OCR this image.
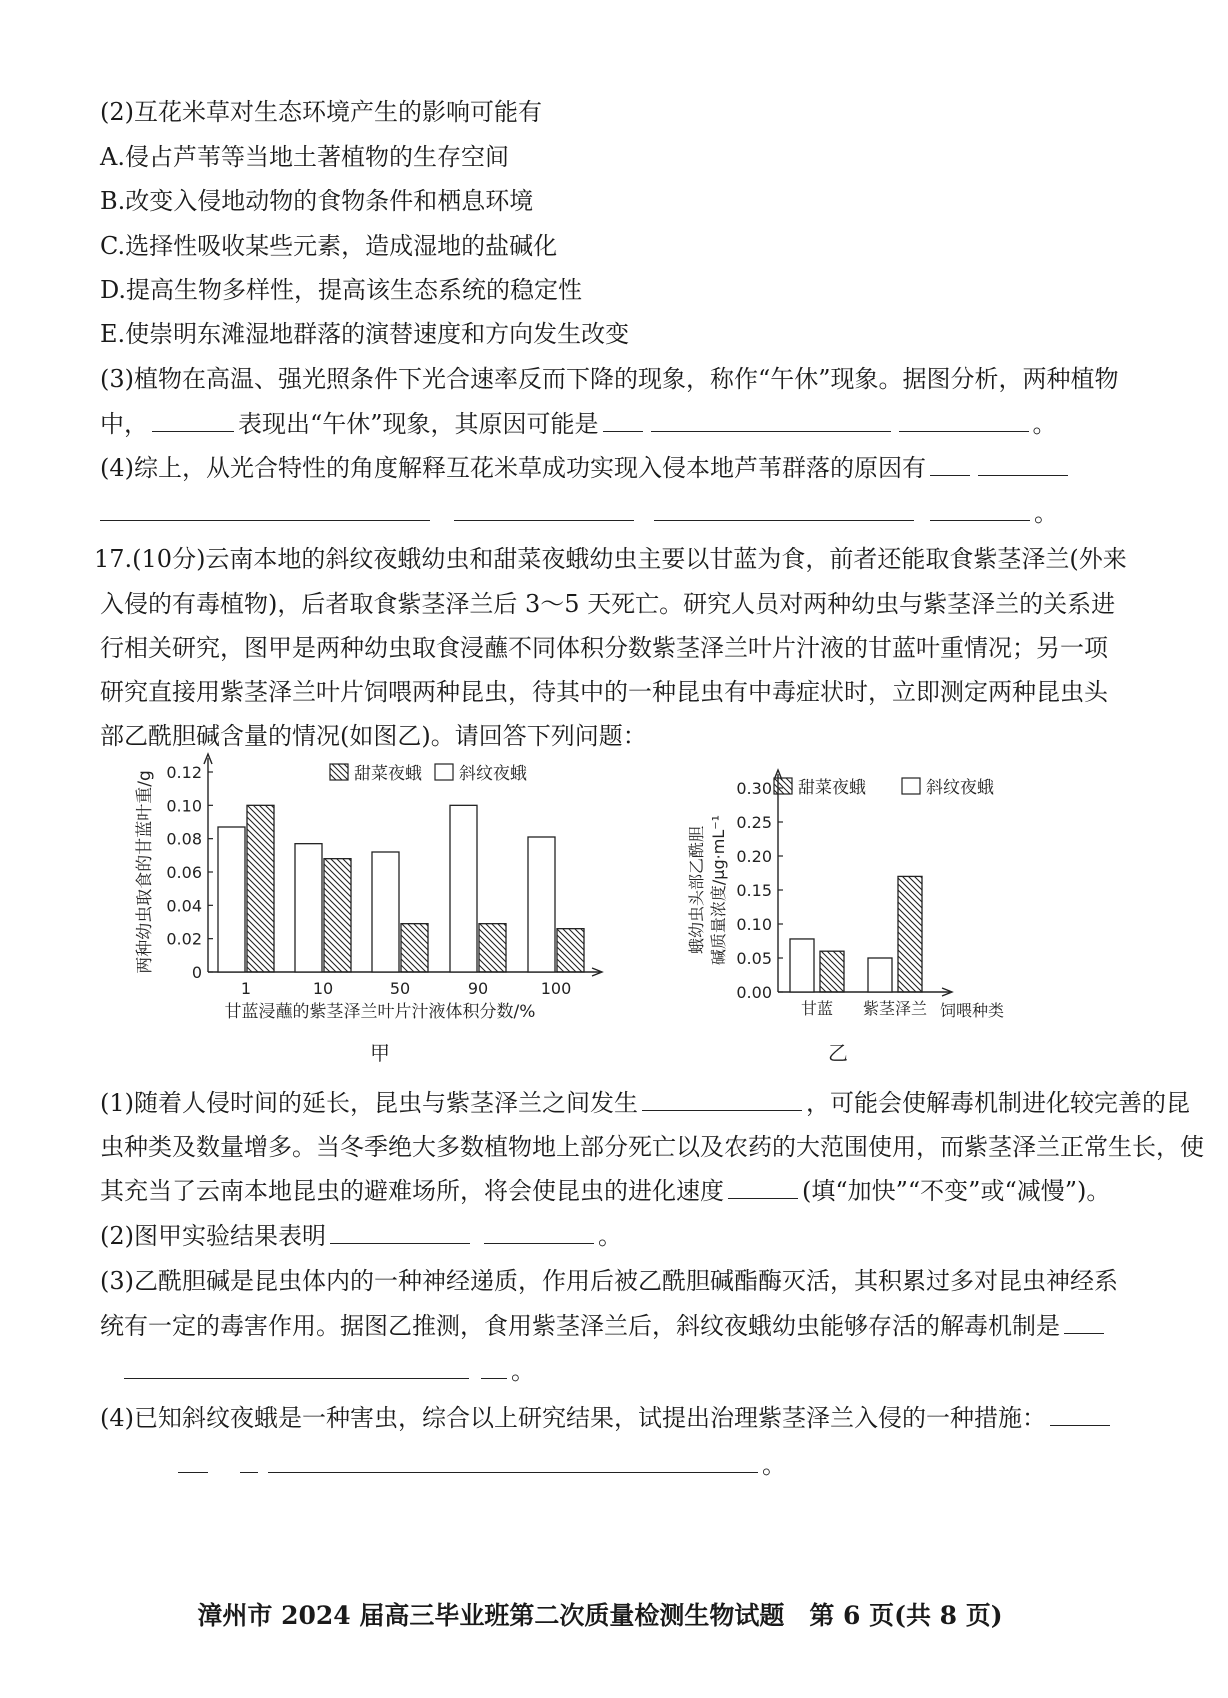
(2)互花米草对生态环境产生的影响可能有
A.侵占芦苇等当地土著植物的生存空间
B.改变入侵地动物的食物条件和栖息环境
C.选择性吸收某些元素，造成湿地的盐碱化
D.提高生物多样性，提高该生态系统的稳定性
E.使崇明东滩湿地群落的演替速度和方向发生改变
(3)植物在高温、强光照条件下光合速率反而下降的现象，称作“午休”现象。据图分析，两种植物
中，	表现出“午休”现象，其原因可能是	。
(4)综上，从光合特性的角度解释互花米草成功实现入侵本地芦苇群落的原因有
。
17.(10分)云南本地的斜纹夜蛾幼虫和甜菜夜蛾幼虫主要以甘蓝为食，前者还能取食紫茎泽兰(外来
入侵的有毒植物)，后者取食紫茎泽兰后 3～5 天死亡。研究人员对两种幼虫与紫茎泽兰的关系进
行相关研究，图甲是两种幼虫取食浸蘸不同体积分数紫茎泽兰叶片汁液的甘蓝叶重情况；另一项
研究直接用紫茎泽兰叶片饲喂两种昆虫，待其中的一种昆虫有中毒症状时，立即测定两种昆虫头
部乙酰胆碱含量的情况(如图乙)。请回答下列问题：
0
0.02
0.04
0.06
0.08
0.10
0.12
1	10	50	90	100
甜菜夜蛾 斜纹夜蛾
两种幼虫取食的甘蓝叶重/g
甘蓝浸蘸的紫茎泽兰叶片汁液体积分数/%
甲
0.00
0.05
0.10
0.15
0.20
0.25
0.30
甘蓝 紫茎泽兰
甜菜夜蛾	斜纹夜蛾
蛾幼虫头部乙酰胆 碱质量浓度/μg·mL⁻¹
饲喂种类
乙
(1)随着人侵时间的延长，昆虫与紫茎泽兰之间发生	，可能会使解毒机制进化较完善的昆
虫种类及数量增多。当冬季绝大多数植物地上部分死亡以及农药的大范围使用，而紫茎泽兰正常生长，使
其充当了云南本地昆虫的避难场所，将会使昆虫的进化速度	(填“加快”“不变”或“减慢”)。
(2)图甲实验结果表明	。
(3)乙酰胆碱是昆虫体内的一种神经递质，作用后被乙酰胆碱酯酶灭活，其积累过多对昆虫神经系
统有一定的毒害作用。据图乙推测，食用紫茎泽兰后，斜纹夜蛾幼虫能够存活的解毒机制是
。
(4)已知斜纹夜蛾是一种害虫，综合以上研究结果，试提出治理紫茎泽兰入侵的一种措施：
。
漳州市 2024 届高三毕业班第二次质量检测生物试题　第 6 页(共 8 页)
